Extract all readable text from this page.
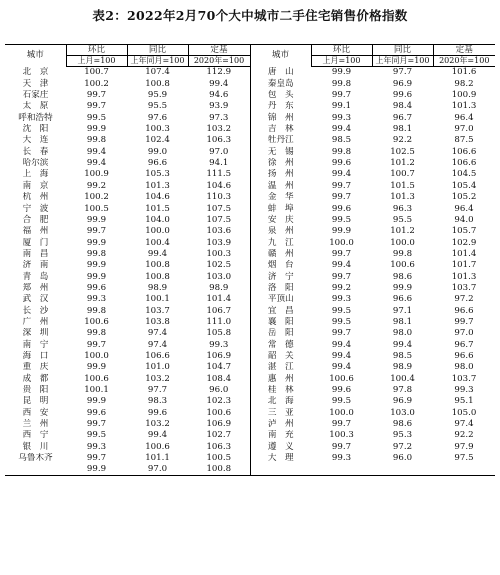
表2：2022年2月70个大中城市二手住宅销售价格指数
城市	环比	同比	定基	城市	环比	同比	定基
	上月=100	上年同月=100	2020年=100		上月=100	上年同月=100	2020年=100
北　京	100.7	107.4	112.9	唐　山	99.9	97.7	101.6
天　津	100.2	100.8	99.4	秦皇岛	99.8	96.9	98.2
石家庄	99.7	95.9	94.6	包　头	99.7	99.6	100.9
太　原	99.7	95.5	93.9	丹　东	99.1	98.4	101.3
呼和浩特	99.5	97.6	97.3	锦　州	99.3	96.7	96.4
沈　阳	99.9	100.3	103.2	吉　林	99.4	98.1	97.0
大　连	99.8	102.4	106.3	牡丹江	98.5	92.2	87.5
长　春	99.4	99.0	97.0	无　锡	99.8	102.5	106.6
哈尔滨	99.4	96.6	94.1	徐　州	99.6	101.2	106.6
上　海	100.9	105.3	111.5	扬　州	99.4	100.7	104.5
南　京	99.2	101.3	104.6	温　州	99.7	101.5	105.4
杭　州	100.2	104.6	110.3	金　华	99.7	101.3	105.2
宁　波	100.5	101.5	107.5	蚌　埠	99.6	96.3	96.4
合　肥	99.9	104.0	107.5	安　庆	99.5	95.5	94.0
福　州	99.7	100.0	103.6	泉　州	99.9	101.2	105.7
厦　门	99.9	100.4	103.9	九　江	100.0	100.0	102.9
南　昌	99.8	99.4	100.3	赣　州	99.7	99.8	101.4
济　南	99.9	100.8	102.5	烟　台	99.4	100.6	101.7
青　岛	99.9	100.8	103.0	济　宁	99.7	98.6	101.3
郑　州	99.6	98.9	98.9	洛　阳	99.2	99.9	103.7
武　汉	99.3	100.1	101.4	平顶山	99.3	96.6	97.2
长　沙	99.8	103.7	106.7	宜　昌	99.5	97.1	96.6
广　州	100.6	103.8	111.0	襄　阳	99.5	98.1	99.7
深　圳	99.8	97.4	105.8	岳　阳	99.7	98.0	97.0
南　宁	99.7	97.4	99.3	常　德	99.4	99.4	96.7
海　口	100.0	106.6	106.9	韶　关	99.4	98.5	96.6
重　庆	99.9	101.0	104.7	湛　江	99.4	98.9	98.0
成　都	100.6	103.2	108.4	惠　州	100.6	100.4	103.7
贵　阳	100.1	97.7	96.0	桂　林	99.6	97.8	99.3
昆　明	99.9	98.3	102.3	北　海	99.5	96.9	95.1
西　安	99.6	99.6	100.6	三　亚	100.0	103.0	105.0
兰　州	99.7	103.2	106.9	泸　州	99.7	98.6	97.4
西　宁	99.5	99.4	102.7	南　充	100.3	95.3	92.2
银　川	99.3	100.6	106.3	遵　义	99.7	97.2	97.9
乌鲁木齐	99.7	101.1	100.5	大　理	99.3	96.0	97.5
	99.9	97.0	100.8				
